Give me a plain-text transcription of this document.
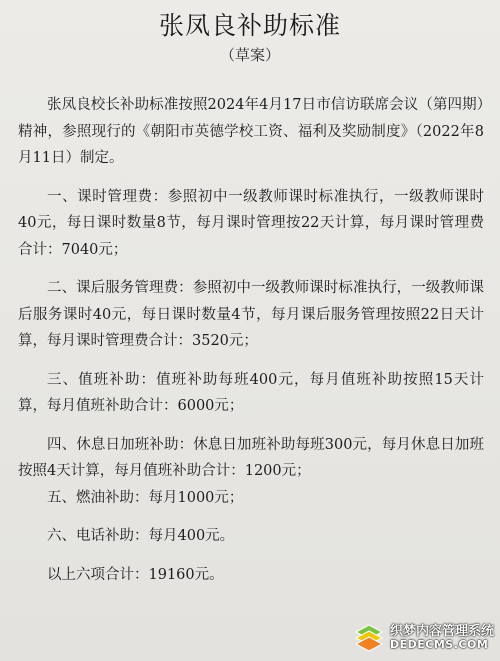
张凤良补助标准
（草案）

张凤良校长补助标准按照2024年4月17日市信访联席会议（第四期）精神，参照现行的《朝阳市英德学校工资、福利及奖励制度》（2022年8月11日）制定。

一、课时管理费：参照初中一级教师课时标准执行，一级教师课时40元，每日课时数量8节，每月课时管理按22天计算，每月课时管理费合计：7040元；

二、课后服务管理费：参照初中一级教师课时标准执行，一级教师课后服务课时40元，每日课时数量4节，每月课后服务管理按照22日天计算，每月课时管理费合计：3520元；

三、值班补助：值班补助每班400元，每月值班补助按照15天计算，每月值班补助合计：6000元；

四、休息日加班补助：休息日加班补助每班300元，每月休息日加班按照4天计算，每月值班补助合计：1200元；

五、燃油补助：每月1000元；

六、电话补助：每月400元。

以上六项合计：19160元。

织梦内容管理系统
DEDECMS.COM
